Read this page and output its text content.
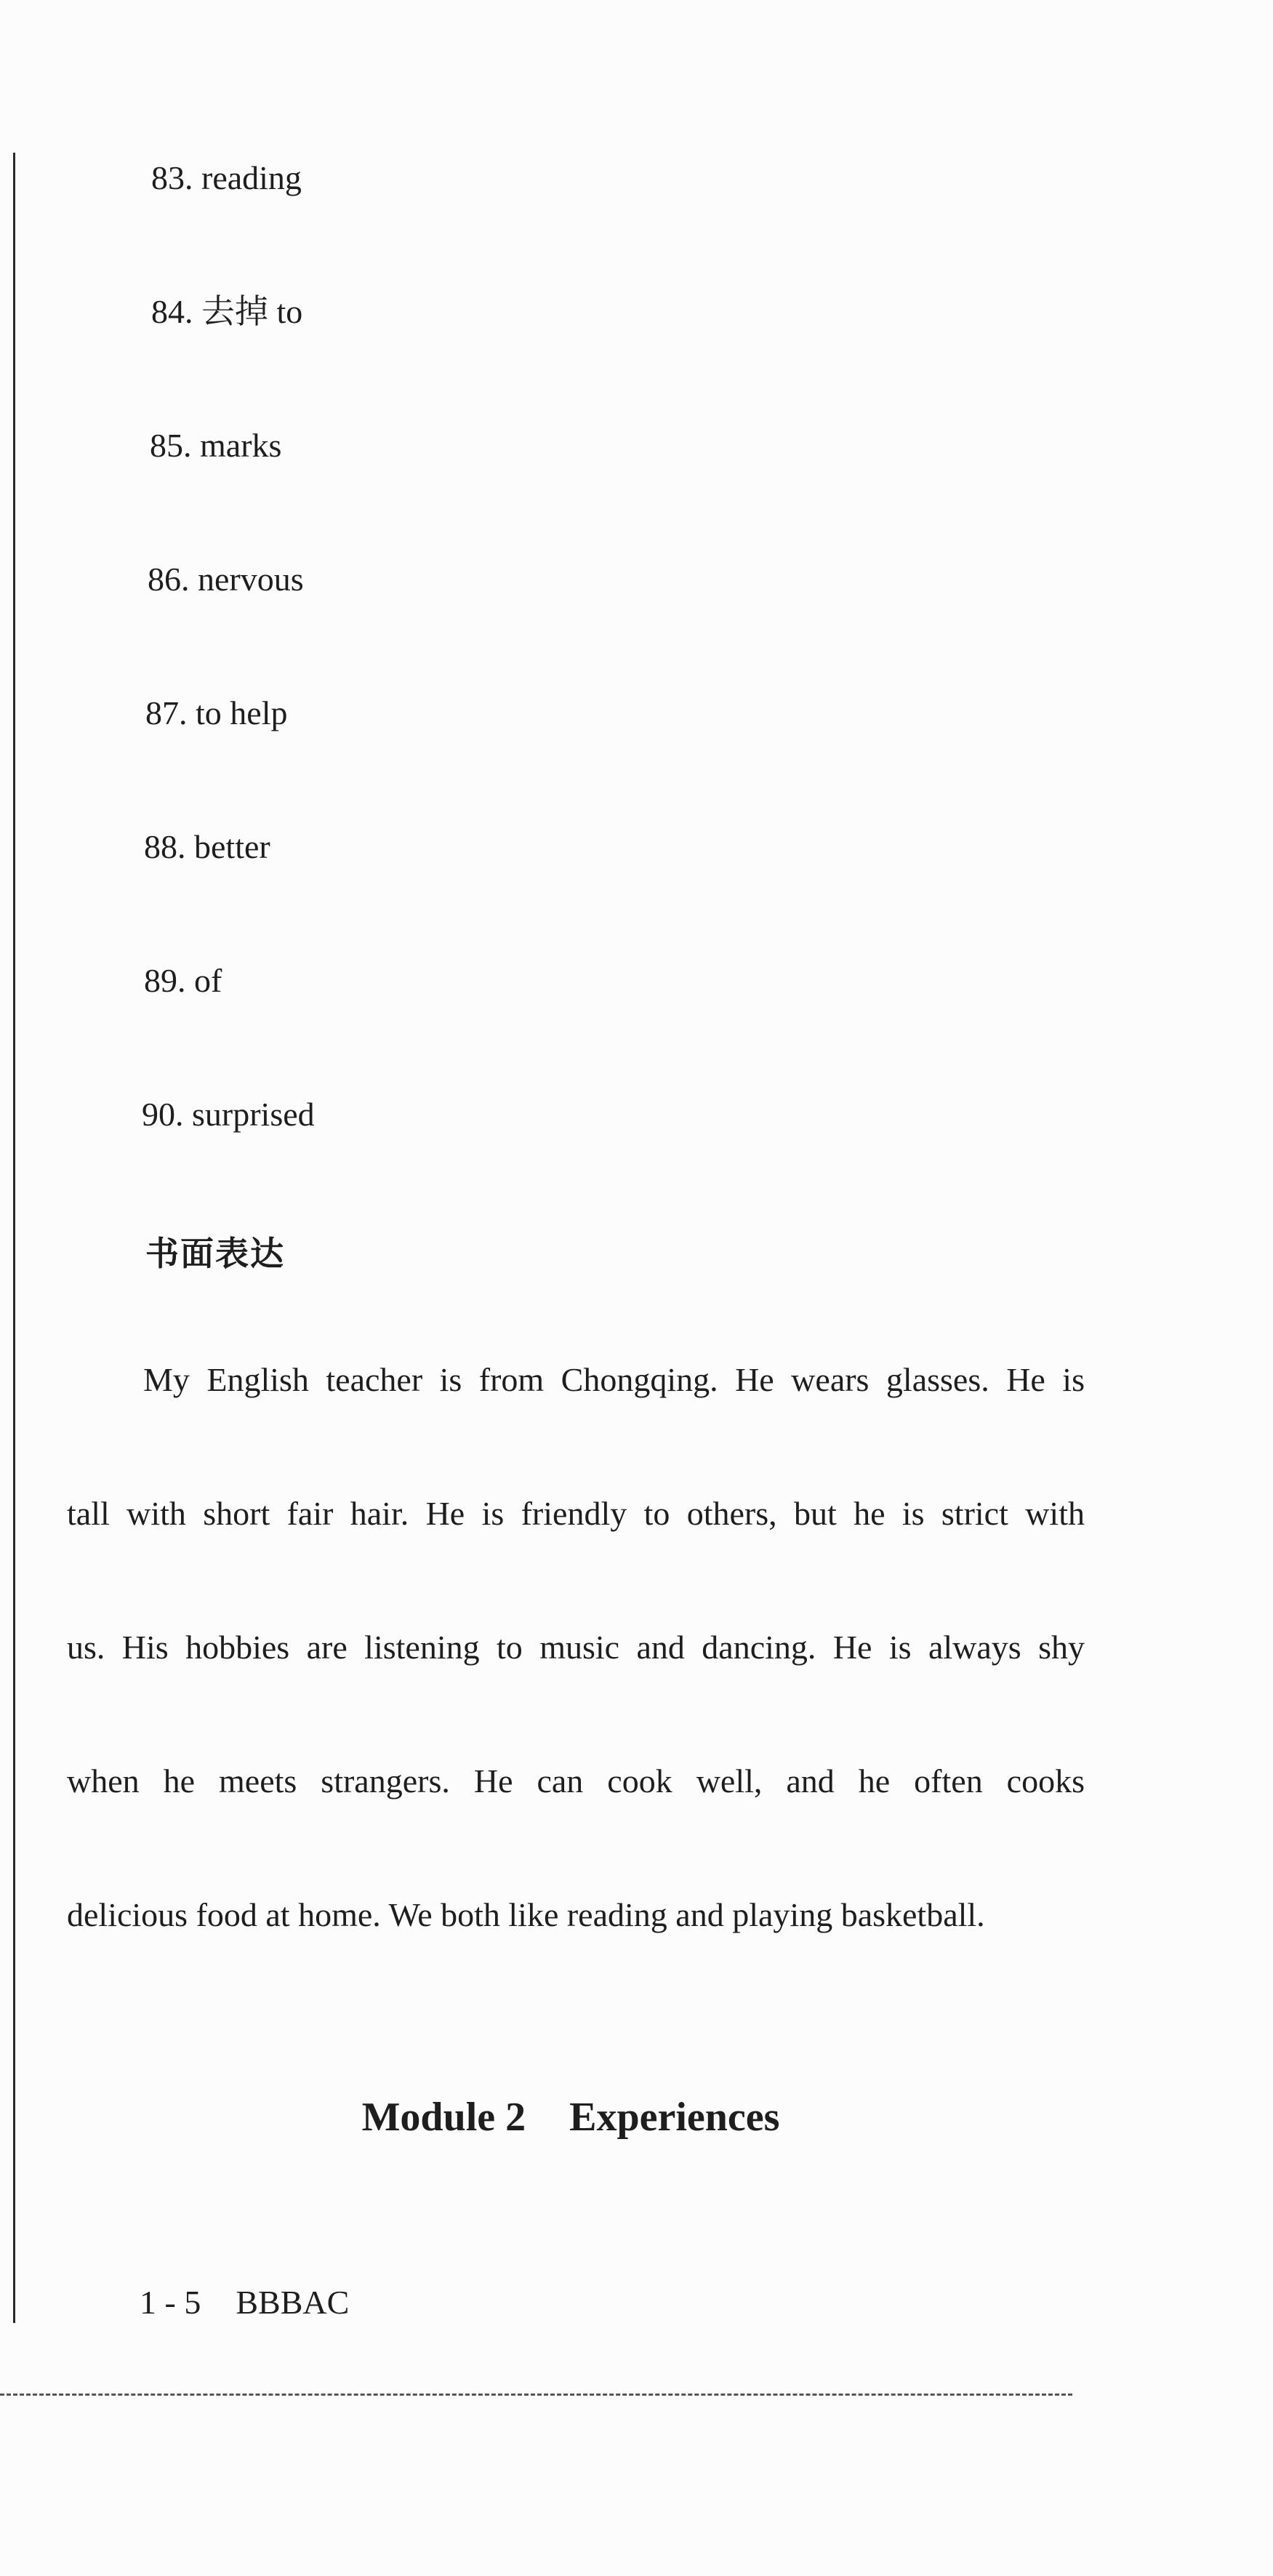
83. reading
84. 去掉 to
85. marks
86. nervous
87. to help
88. better
89. of
90. surprised
书面表达
My English teacher is from Chongqing. He wears glasses. He is
tall with short fair hair. He is friendly to others, but he is strict with
us. His hobbies are listening to music and dancing. He is always shy
when he meets strangers. He can cook well, and he often cooks
delicious food at home. We both like reading and playing basketball.
Module 2 Experiences
1 - 5 BBBAC
